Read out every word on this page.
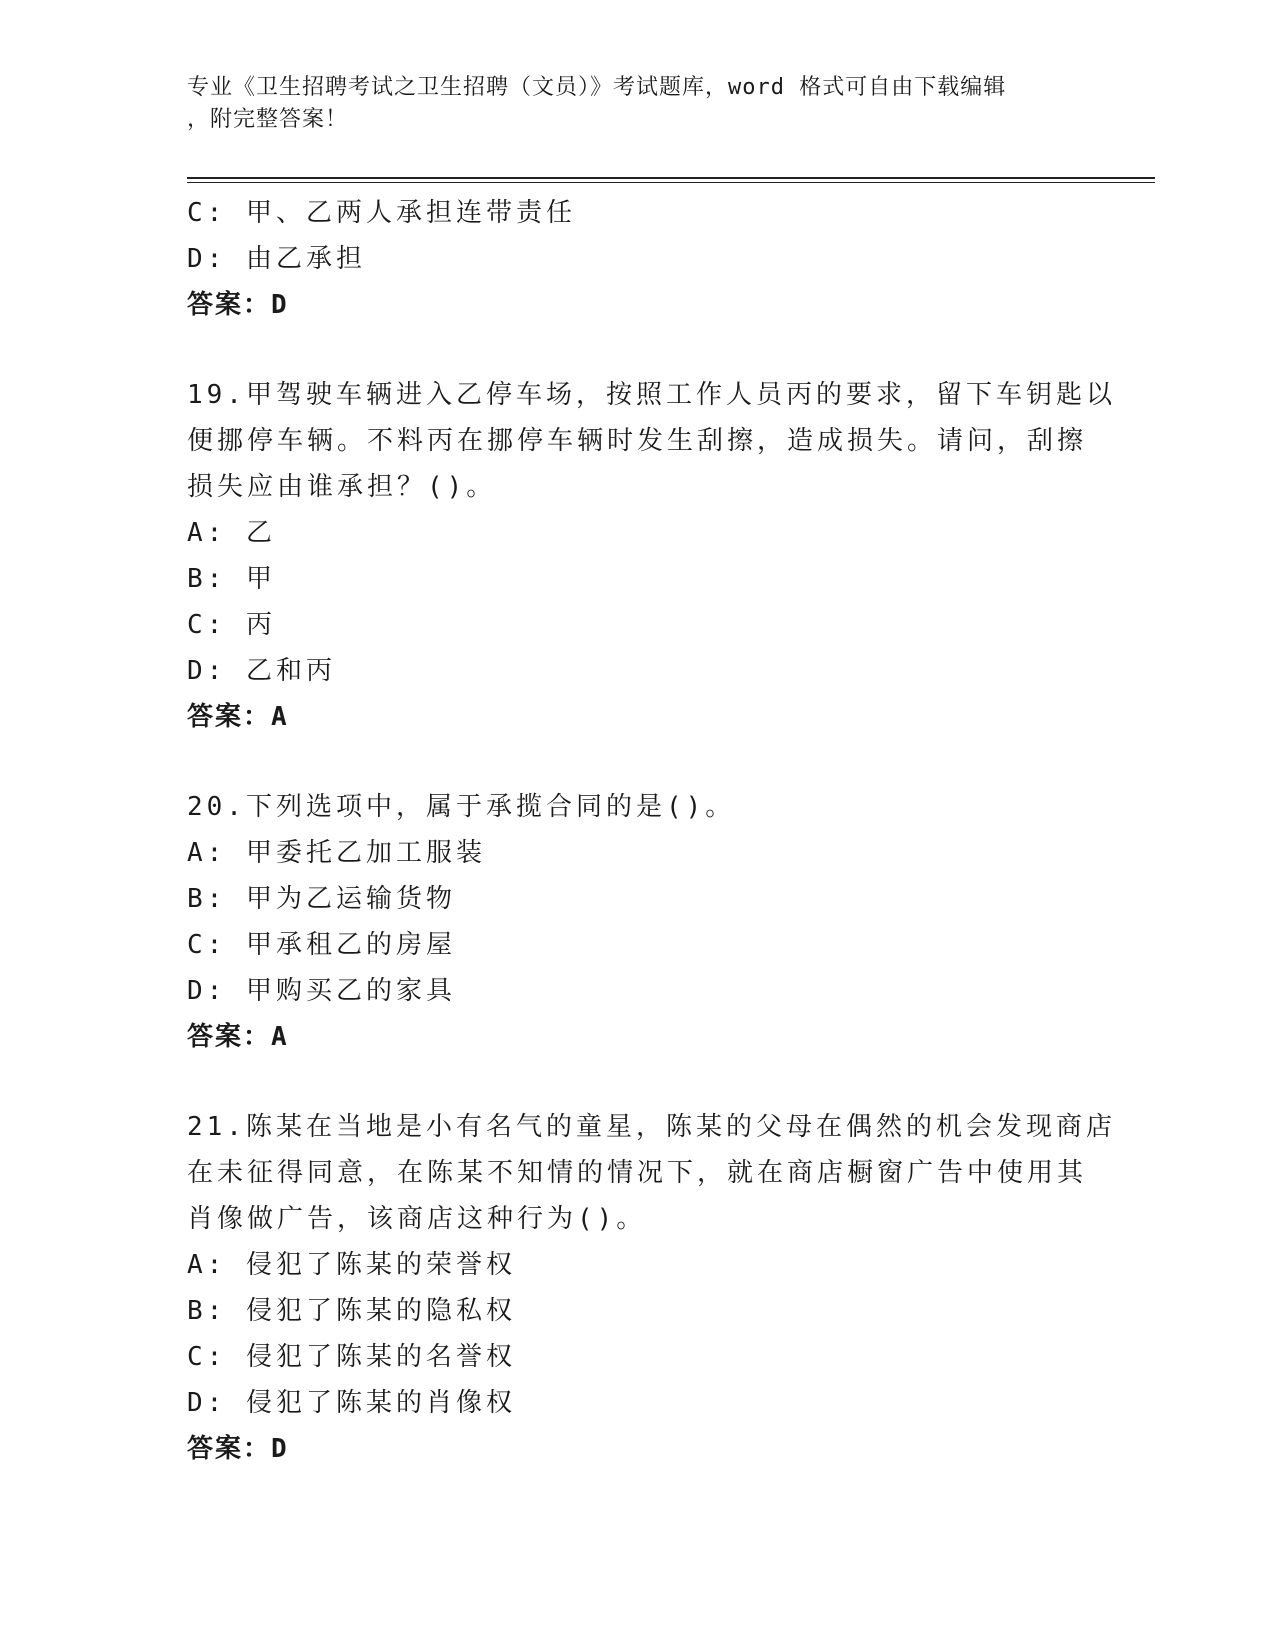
专业《卫生招聘考试之卫生招聘（文员）》考试题库，word 格式可自由下载编辑
，附完整答案！
C: 甲、乙两人承担连带责任
D: 由乙承担
答案：D
19.甲驾驶车辆进入乙停车场，按照工作人员丙的要求，留下车钥匙以
便挪停车辆。不料丙在挪停车辆时发生刮擦，造成损失。请问，刮擦
损失应由谁承担？()。
A: 乙
B: 甲
C: 丙
D: 乙和丙
答案：A
20.下列选项中，属于承揽合同的是()。
A: 甲委托乙加工服装
B: 甲为乙运输货物
C: 甲承租乙的房屋
D: 甲购买乙的家具
答案：A
21.陈某在当地是小有名气的童星，陈某的父母在偶然的机会发现商店
在未征得同意，在陈某不知情的情况下，就在商店橱窗广告中使用其
肖像做广告，该商店这种行为()。
A: 侵犯了陈某的荣誉权
B: 侵犯了陈某的隐私权
C: 侵犯了陈某的名誉权
D: 侵犯了陈某的肖像权
答案：D
